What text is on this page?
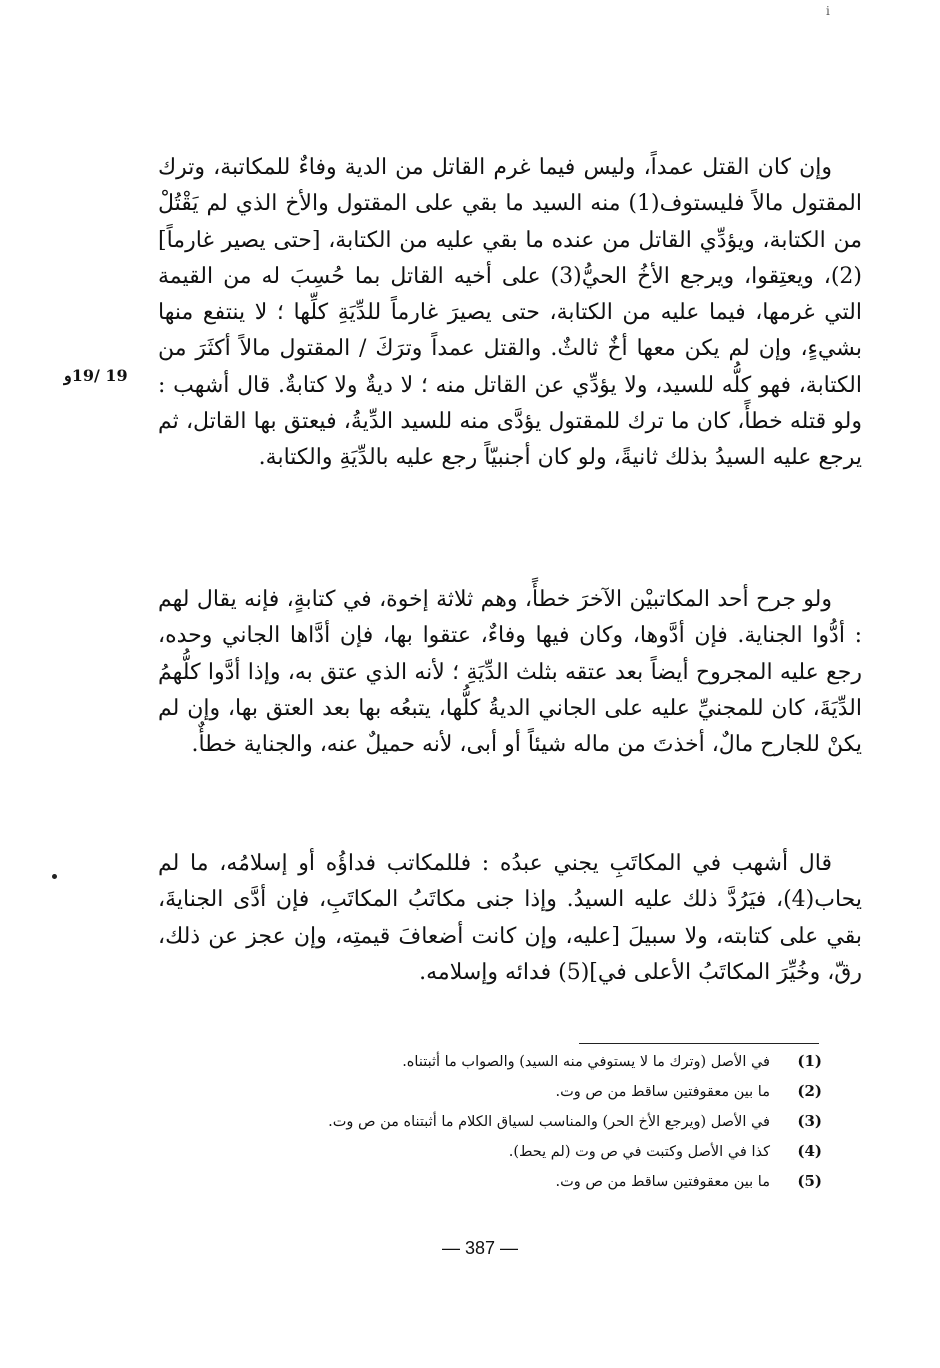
i
19 /19و

وإن كان القتل عمداً، وليس فيما غرم القاتل من الدية وفاءٌ للمكاتبة، وترك المقتول مالاً فليستوف(1) منه السيد ما بقي على المقتول والأخ الذي لم يَقْتُلْ من الكتابة، ويؤدِّي القاتل من عنده ما بقي عليه من الكتابة، [حتى يصير غارماً](2)، ويعتِقوا، ويرجع الأخُ الحيُّ(3) على أخيه القاتل بما حُسِبَ له من القيمة التي غرمها، فيما عليه من الكتابة، حتى يصيرَ غارماً للدِّيَةِ كلِّها ؛ لا ينتفع منها بشيءٍ، وإن لم يكن معها أخٌ ثالثٌ. والقتل عمداً وترَكَ / المقتول مالاً أكثَرَ من الكتابة، فهو كلُّه للسيد، ولا يؤدِّي عن القاتل منه ؛ لا ديةٌ ولا كتابةٌ. قال أشهب : ولو قتله خطأً، كان ما ترك للمقتول يؤدَّى منه للسيد الدِّيةُ، فيعتق بها القاتل، ثم يرجع عليه السيدُ بذلك ثانيةً، ولو كان أجنبيّاً رجع عليه بالدِّيَةِ والكتابة.

ولو جرح أحد المكاتبيْن الآخرَ خطأً، وهم ثلاثة إخوة، في كتابةٍ، فإنه يقال لهم : أدُّوا الجناية. فإن أدَّوها، وكان فيها وفاءٌ، عتقوا بها، فإن أدَّاها الجاني وحده، رجع عليه المجروح أيضاً بعد عتقه بثلث الدِّيَةِ ؛ لأنه الذي عتق به، وإذا أدَّوا كلُّهمُ الدِّيَةَ، كان للمجنيِّ عليه على الجاني الديةُ كلُّها، يتبعُه بها بعد العتق بها، وإن لم يكنْ للجارح مالٌ، أخذتَ من ماله شيئاً أو أبى، لأنه حميلٌ عنه، والجناية خطأٌ.

قال أشهب في المكاتَبِ يجني عبدُه : فللمكاتب فداؤُه أو إسلامُه، ما لم يحاب(4)، فيَرُدَّ ذلك عليه السيدُ. وإذا جنى مكاتَبُ المكاتَبِ، فإن أدَّى الجنايةَ، بقي على كتابته، ولا سبيلَ [عليه، وإن كانت أضعافَ قيمتِه، وإن عجز عن ذلك، رقّ، وخُيِّرَ المكاتَبُ الأعلى في](5) فدائه وإسلامه.

(1)
في الأصل (وترك ما لا يستوفي منه السيد) والصواب ما أثبتناه.
(2)
ما بين معقوفتين ساقط من ص وت.
(3)
في الأصل (ويرجع الأخ الحر) والمناسب لسياق الكلام ما أثبتناه من ص وت.
(4)
كذا في الأصل وكتبت في ص وت (لم يحط).
(5)
ما بين معقوفتين ساقط من ص وت.
— 387 —
